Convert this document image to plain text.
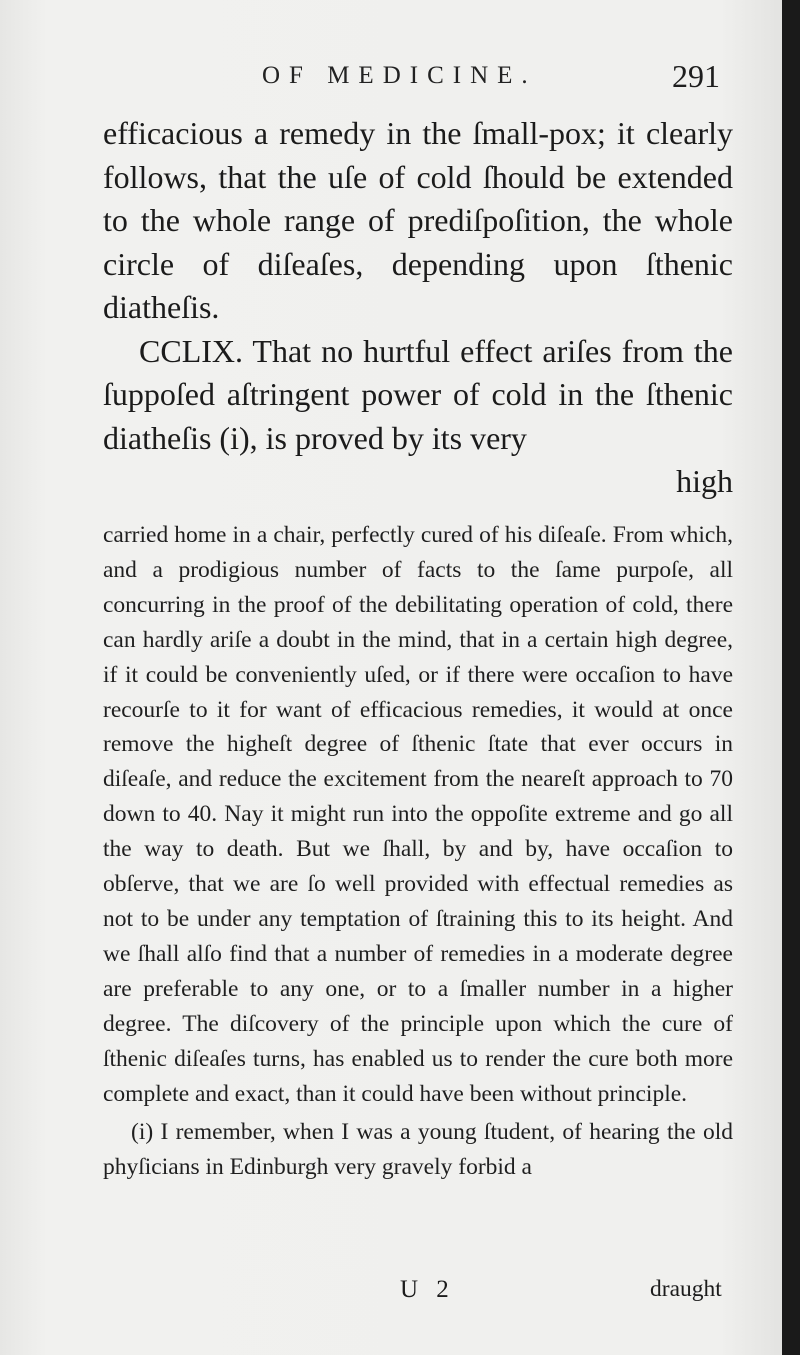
OF MEDICINE.	291

efficacious a remedy in the ſmall-pox; it clearly follows, that the uſe of cold ſhould be extended to the whole range of prediſpoſition, the whole circle of diſeaſes, depending upon ſthenic diatheſis.

CCLIX. That no hurtful effect ariſes from the ſuppoſed aſtringent power of cold in the ſthenic diatheſis (i), is proved by its very

high

carried home in a chair, perfectly cured of his diſeaſe. From which, and a prodigious number of facts to the ſame purpoſe, all concurring in the proof of the debilitating operation of cold, there can hardly ariſe a doubt in the mind, that in a certain high degree, if it could be conveniently uſed, or if there were occaſion to have recourſe to it for want of efficacious remedies, it would at once remove the higheſt degree of ſthenic ſtate that ever occurs in diſeaſe, and reduce the excitement from the neareſt approach to 70 down to 40. Nay it might run into the oppoſite extreme and go all the way to death. But we ſhall, by and by, have occaſion to obſerve, that we are ſo well provided with effectual remedies as not to be under any temptation of ſtraining this to its height. And we ſhall alſo find that a number of remedies in a moderate degree are preferable to any one, or to a ſmaller number in a higher degree. The diſcovery of the principle upon which the cure of ſthenic diſeaſes turns, has enabled us to render the cure both more complete and exact, than it could have been without principle.

(i) I remember, when I was a young ſtudent, of hearing the old phyſicians in Edinburgh very gravely forbid a

U 2	draught
